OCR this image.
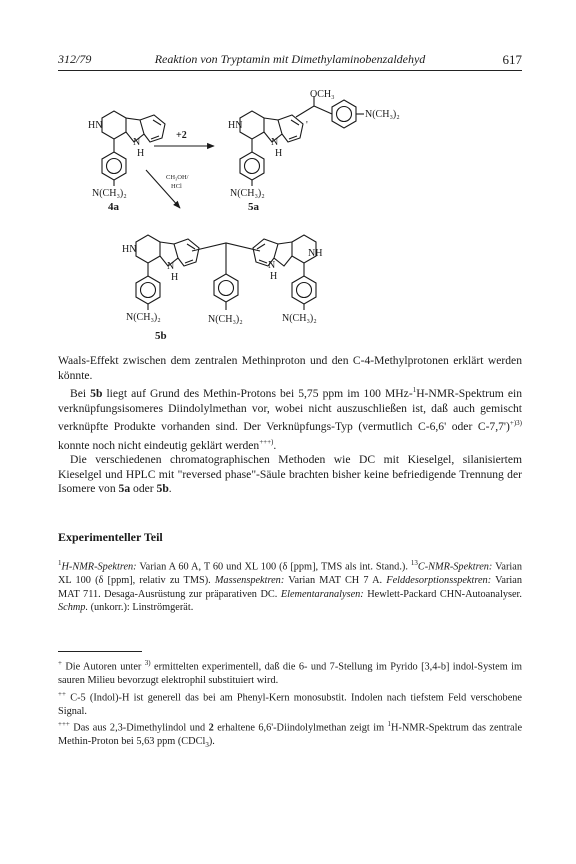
312/79	Reaktion von Tryptamin mit Dimethylaminobenzaldehyd	617
HN
N
H
N(CH₃)₂
4a
+2
CH₃OH/
HCl
HN
N
H
N(CH₃)₂
5a
OCH₃
'
N(CH₃)₂
HN
N
H
N(CH₃)₂	N(CH₃)₂
NH
N
H
N(CH₃)₂
5b

Waals-Effekt zwischen dem zentralen Methinproton und den C-4-Methylprotonen erklärt werden könnte.

Bei 5b liegt auf Grund des Methin-Protons bei 5,75 ppm im 100 MHz-$^1$H-NMR-Spektrum ein verknüpfungsisomeres Diindolylmethan vor, wobei nicht auszuschließen ist, daß auch gemischt verknüpfte Produkte vorhanden sind. Der Verknüpfungs-Typ (vermutlich C-6,6' oder C-7,7')$^{+)3)}$ konnte noch nicht eindeutig geklärt werden+++).

Die verschiedenen chromatographischen Methoden wie DC mit Kieselgel, silanisiertem Kieselgel und HPLC mit "reversed phase"-Säule brachten bisher keine befriedigende Trennung der Isomere von 5a oder 5b.

Experimenteller Teil

$^1$H-NMR-Spektren: Varian A 60 A, T 60 und XL 100 (δ [ppm], TMS als int. Stand.). $^{13}$C-NMR-Spektren: Varian XL 100 (δ [ppm], relativ zu TMS). Massenspektren: Varian MAT CH 7 A. Felddesorptionsspektren: Varian MAT 711. Desaga-Ausrüstung zur präparativen DC. Elementaranalysen: Hewlett-Packard CHN-Autoanalyser. Schmp. (unkorr.): Linströmgerät.

+ Die Autoren unter $^{3)}$ ermittelten experimentell, daß die 6- und 7-Stellung im Pyrido [3,4-b] indol-System im sauren Milieu bevorzugt elektrophil substituiert wird.

++ C-5 (Indol)-H ist generell das bei am Phenyl-Kern monosubstit. Indolen nach tiefstem Feld verschobene Signal.

+++ Das aus 2,3-Dimethylindol und 2 erhaltene 6,6'-Diindolylmethan zeigt im $^1$H-NMR-Spektrum das zentrale Methin-Proton bei 5,63 ppm (CDCl$_3$).
